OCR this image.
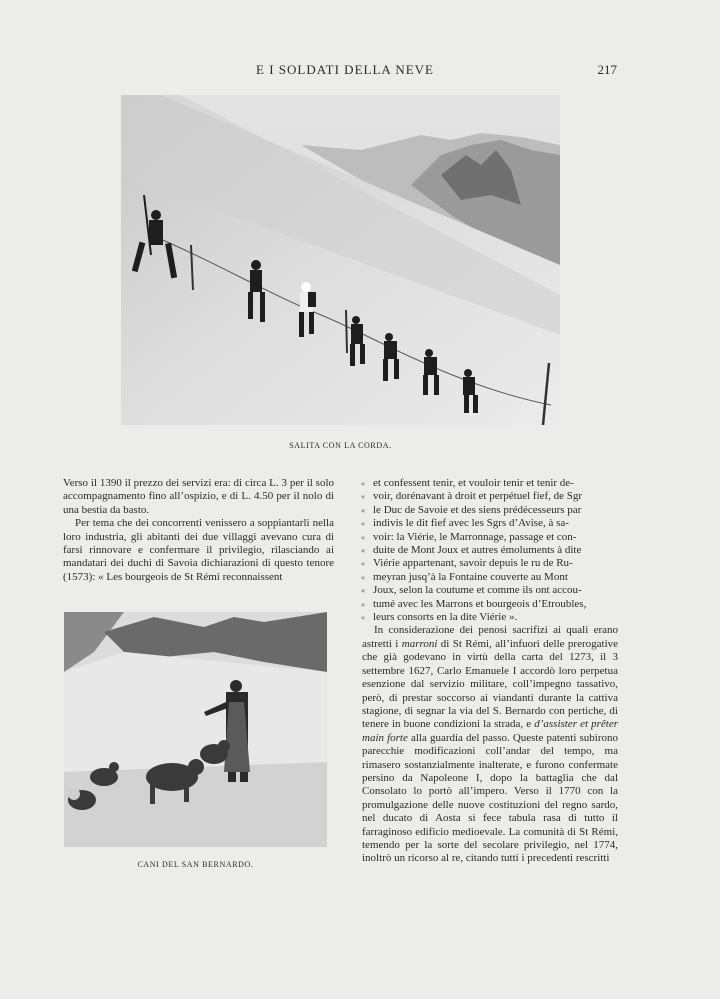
E I SOLDATI DELLA NEVE	217
SALITA CON LA CORDA.

Verso il 1390 il prezzo dei servizi era: di circa L. 3 per il solo accompagnamento fino all’ospizio, e di L. 4.50 per il nolo di una bestia da basto.

Per tema che dei concorrenti venissero a soppiantarli nella loro industria, gli abitanti dei due villaggi avevano cura di farsi rinnovare e confermare il privilegio, rilasciando ai mandatari dei duchi di Savoia dichiarazioni di questo tenore (1573): « Les bourgeois de St Rémi reconnaissent

CANI DEL SAN BERNARDO.
« et confessent tenir, et vouloir tenir et tenir de-
« voir, dorénavant à droit et perpétuel fief, de Sgr
« le Duc de Savoie et des siens prédécesseurs par
« indivis le dit fief avec les Sgrs d’Avise, à sa-
« voir: la Viérie, le Marronnage, passage et con-
« duite de Mont Joux et autres émoluments à dite
« Viérie appartenant, savoir depuis le ru de Ru-
« meyran jusq’à la Fontaine couverte au Mont
« Joux, selon la coutume et comme ils ont accou-
« tumé avec les Marrons et bourgeois d’Etroubles,
« leurs consorts en la dite Viérie ».

In considerazione dei penosi sacrifizi ai quali erano astretti i marroni di St Rémi, all’infuori delle prerogative che già godevano in virtù della carta del 1273, il 3 settembre 1627, Carlo Emanuele I accordò loro perpetua esenzione dal servizio militare, coll’impegno tassativo, però, di prestar soccorso ai viandanti durante la cattiva stagione, di segnar la via del S. Bernardo con pertiche, di tenere in buone condizioni la strada, e d’assister et prêter main forte alla guardia del passo. Queste patenti subirono parecchie modificazioni coll’andar del tempo, ma rimasero sostanzialmente inalterate, e furono confermate persino da Napoleone I, dopo la battaglia che dal Consolato lo portò all’impero. Verso il 1770 con la promulgazione delle nuove costituzioni del regno sardo, nel ducato di Aosta si fece tabula rasa di tutto il farraginoso edificio medioevale. La comunità di St Rémi, temendo per la sorte del secolare privilegio, nel 1774, inoltrò un ricorso al re, citando tutti i precedenti rescritti
